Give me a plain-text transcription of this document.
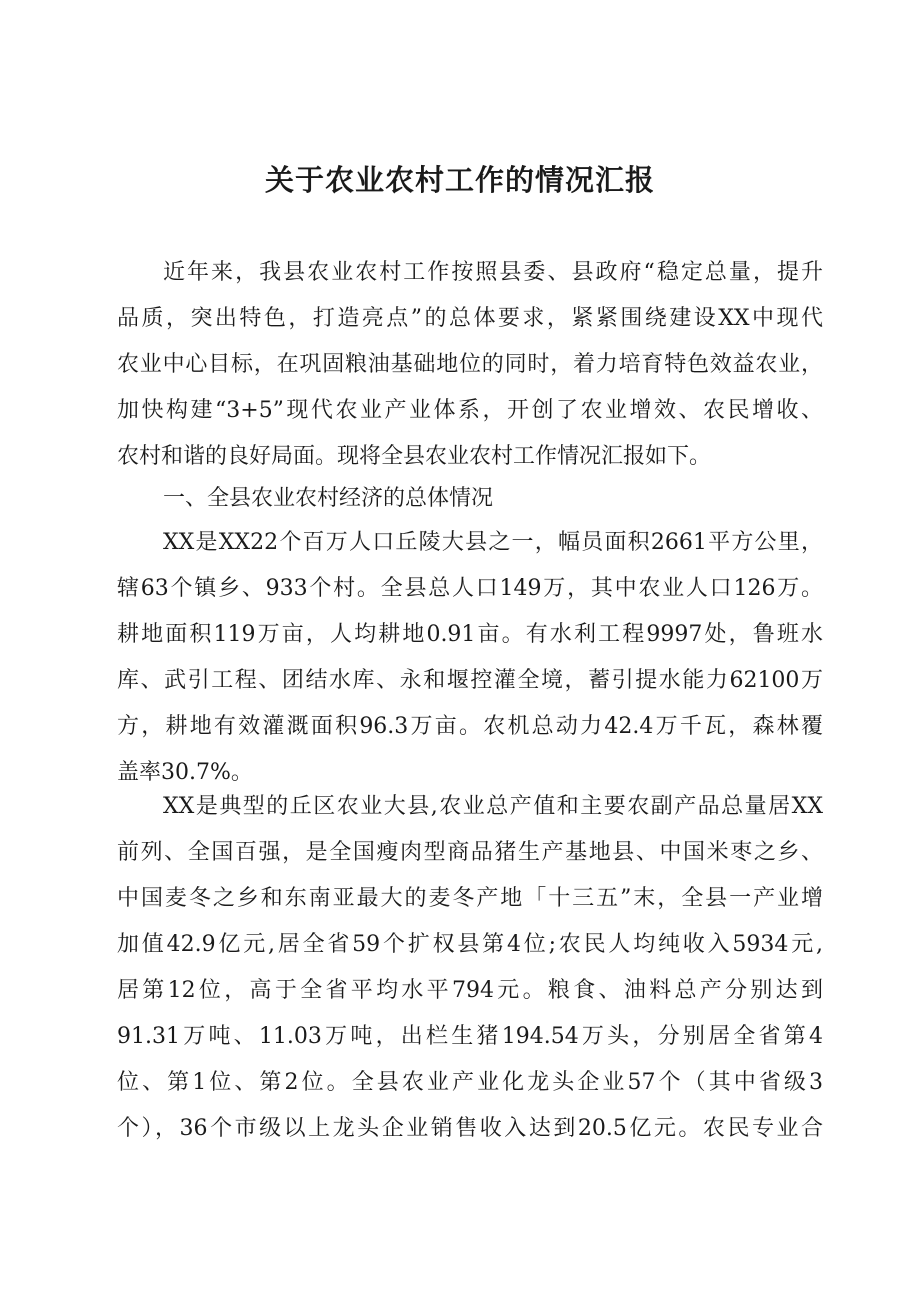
关于农业农村工作的情况汇报
近年来，我县农业农村工作按照县委、县政府“稳定总量，提升
品质，突出特色，打造亮点”的总体要求，紧紧围绕建设XX中现代
农业中心目标，在巩固粮油基础地位的同时，着力培育特色效益农业，
加快构建“3+5”现代农业产业体系，开创了农业增效、农民增收、
农村和谐的良好局面。现将全县农业农村工作情况汇报如下。
一、全县农业农村经济的总体情况
XX是XX22个百万人口丘陵大县之一，幅员面积2661平方公里，
辖63个镇乡、933个村。全县总人口149万，其中农业人口126万。
耕地面积119万亩，人均耕地0.91亩。有水利工程9997处，鲁班水
库、武引工程、团结水库、永和堰控灌全境，蓄引提水能力62100万
方，耕地有效灌溉面积96.3万亩。农机总动力42.4万千瓦，森林覆
盖率30.7%。
XX是典型的丘区农业大县,农业总产值和主要农副产品总量居XX
前列、全国百强，是全国瘦肉型商品猪生产基地县、中国米枣之乡、
中国麦冬之乡和东南亚最大的麦冬产地「十三五”末，全县一产业增
加值42.9亿元,居全省59个扩权县第4位;农民人均纯收入5934元,
居第12位，高于全省平均水平794元。粮食、油料总产分别达到
91.31万吨、11.03万吨，出栏生猪194.54万头，分别居全省第4
位、第1位、第2位。全县农业产业化龙头企业57个（其中省级3
个），36个市级以上龙头企业销售收入达到20.5亿元。农民专业合
